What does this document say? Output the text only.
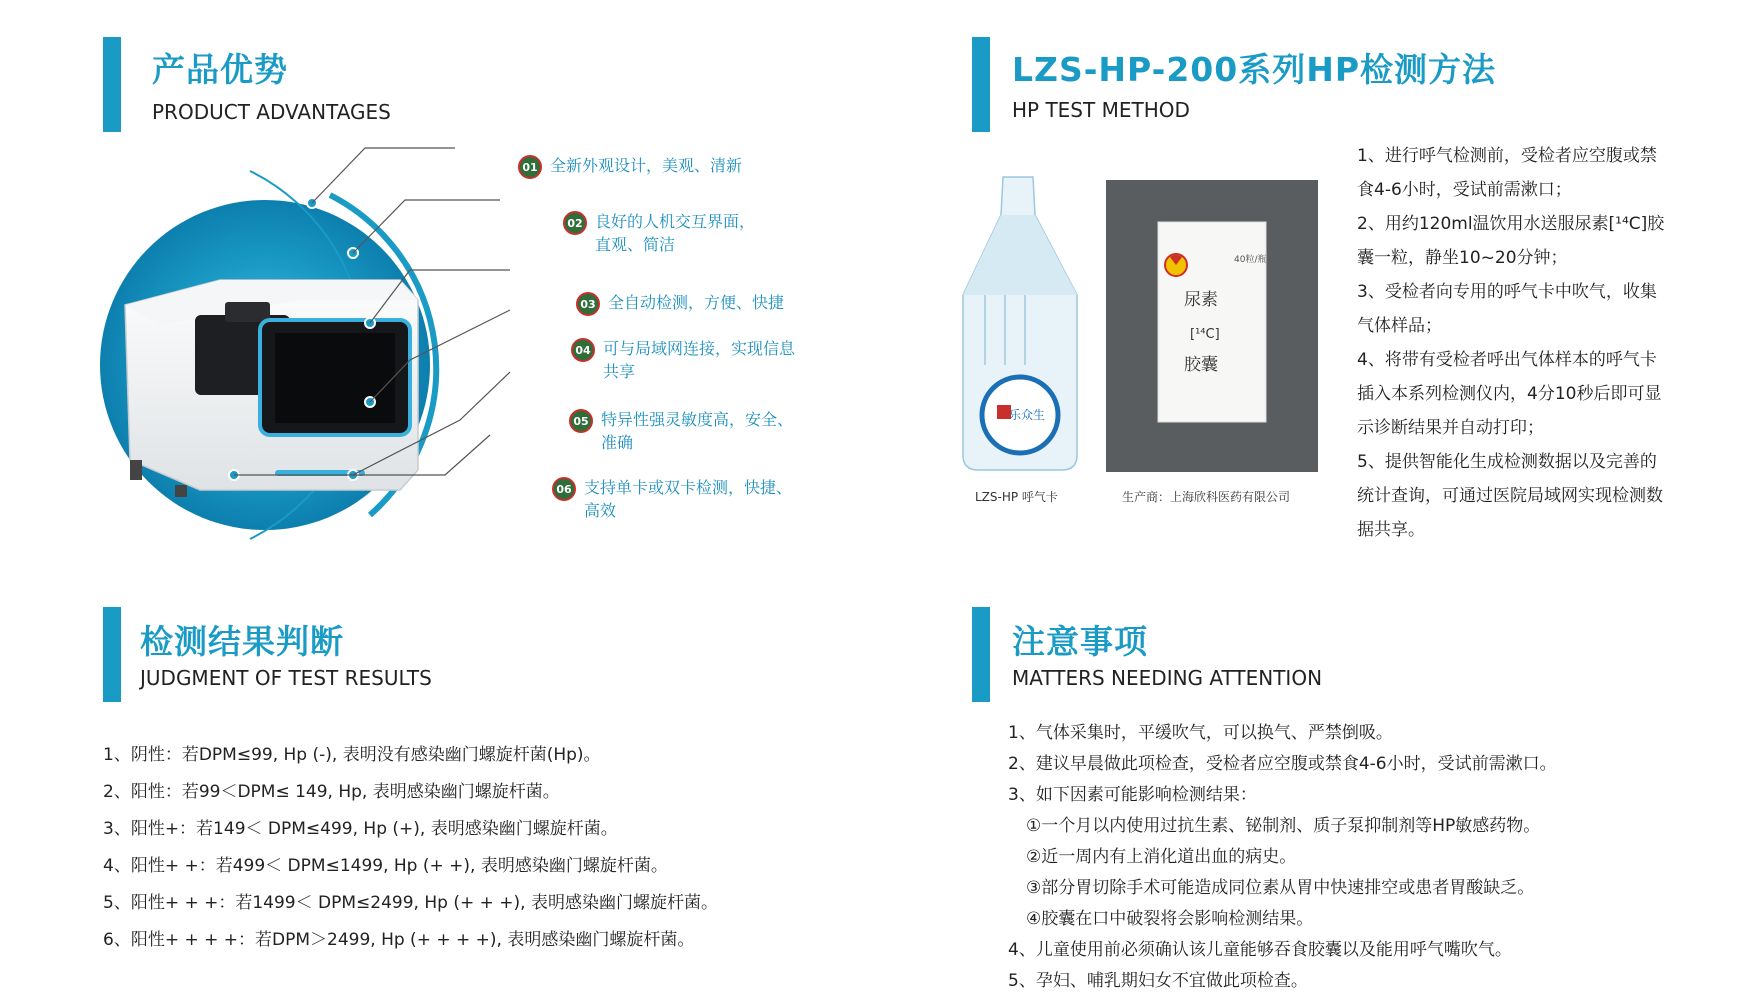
产品优势
PRODUCT ADVANTAGES
01 全新外观设计，美观、清新
02 良好的人机交互界面，
直观、简洁
03 全自动检测，方便、快捷
04 可与局域网连接，实现信息
共享
05 特异性强灵敏度高，安全、
准确
06 支持单卡或双卡检测，快捷、
高效
LZS-HP-200系列HP检测方法
HP TEST METHOD
乐众生
LZS-HP 呼气卡
40粒/瓶
尿素
[¹⁴C]
胶囊
生产商：上海欣科医药有限公司

1、进行呼气检测前，受检者应空腹或禁食4-6小时，受试前需漱口；

2、用约120ml温饮用水送服尿素[¹⁴C]胶囊一粒，静坐10~20分钟；

3、受检者向专用的呼气卡中吹气，收集气体样品；

4、将带有受检者呼出气体样本的呼气卡插入本系列检测仪内，4分10秒后即可显示诊断结果并自动打印；

5、提供智能化生成检测数据以及完善的统计查询，可通过医院局域网实现检测数据共享。

检测结果判断
JUDGMENT OF TEST RESULTS
1、阴性：若DPM≤99, Hp (-), 表明没有感染幽门螺旋杆菌(Hp)。
2、阳性：若99＜DPM≤ 149, Hp, 表明感染幽门螺旋杆菌。
3、阳性+：若149＜ DPM≤499, Hp (+), 表明感染幽门螺旋杆菌。
4、阳性+ +：若499＜ DPM≤1499, Hp (+ +), 表明感染幽门螺旋杆菌。
5、阳性+ + +：若1499＜ DPM≤2499, Hp (+ + +), 表明感染幽门螺旋杆菌。
6、阳性+ + + +：若DPM＞2499, Hp (+ + + +), 表明感染幽门螺旋杆菌。
注意事项
MATTERS NEEDING ATTENTION
1、气体采集时，平缓吹气，可以换气、严禁倒吸。
2、建议早晨做此项检查，受检者应空腹或禁食4-6小时，受试前需漱口。
3、如下因素可能影响检测结果：
①一个月以内使用过抗生素、铋制剂、质子泵抑制剂等HP敏感药物。
②近一周内有上消化道出血的病史。
③部分胃切除手术可能造成同位素从胃中快速排空或患者胃酸缺乏。
④胶囊在口中破裂将会影响检测结果。
4、儿童使用前必须确认该儿童能够吞食胶囊以及能用呼气嘴吹气。
5、孕妇、哺乳期妇女不宜做此项检查。
